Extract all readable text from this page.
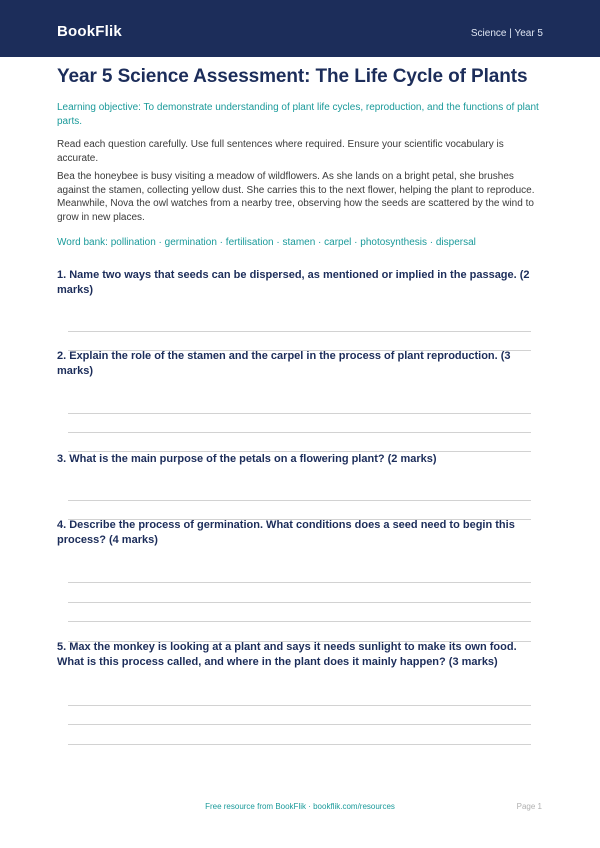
BookFlik	Science | Year 5
Year 5 Science Assessment: The Life Cycle of Plants

Learning objective: To demonstrate understanding of plant life cycles, reproduction, and the functions of plant parts.

Read each question carefully. Use full sentences where required. Ensure your scientific vocabulary is accurate.

Bea the honeybee is busy visiting a meadow of wildflowers. As she lands on a bright petal, she brushes against the stamen, collecting yellow dust. She carries this to the next flower, helping the plant to reproduce. Meanwhile, Nova the owl watches from a nearby tree, observing how the seeds are scattered by the wind to grow in new places.

Word bank: pollination · germination · fertilisation · stamen · carpel · photosynthesis · dispersal

1. Name two ways that seeds can be dispersed, as mentioned or implied in the passage. (2 marks)

2. Explain the role of the stamen and the carpel in the process of plant reproduction. (3 marks)

3. What is the main purpose of the petals on a flowering plant? (2 marks)

4. Describe the process of germination. What conditions does a seed need to begin this process? (4 marks)

5. Max the monkey is looking at a plant and says it needs sunlight to make its own food. What is this process called, and where in the plant does it mainly happen? (3 marks)

Free resource from BookFlik · bookflik.com/resources	Page 1
